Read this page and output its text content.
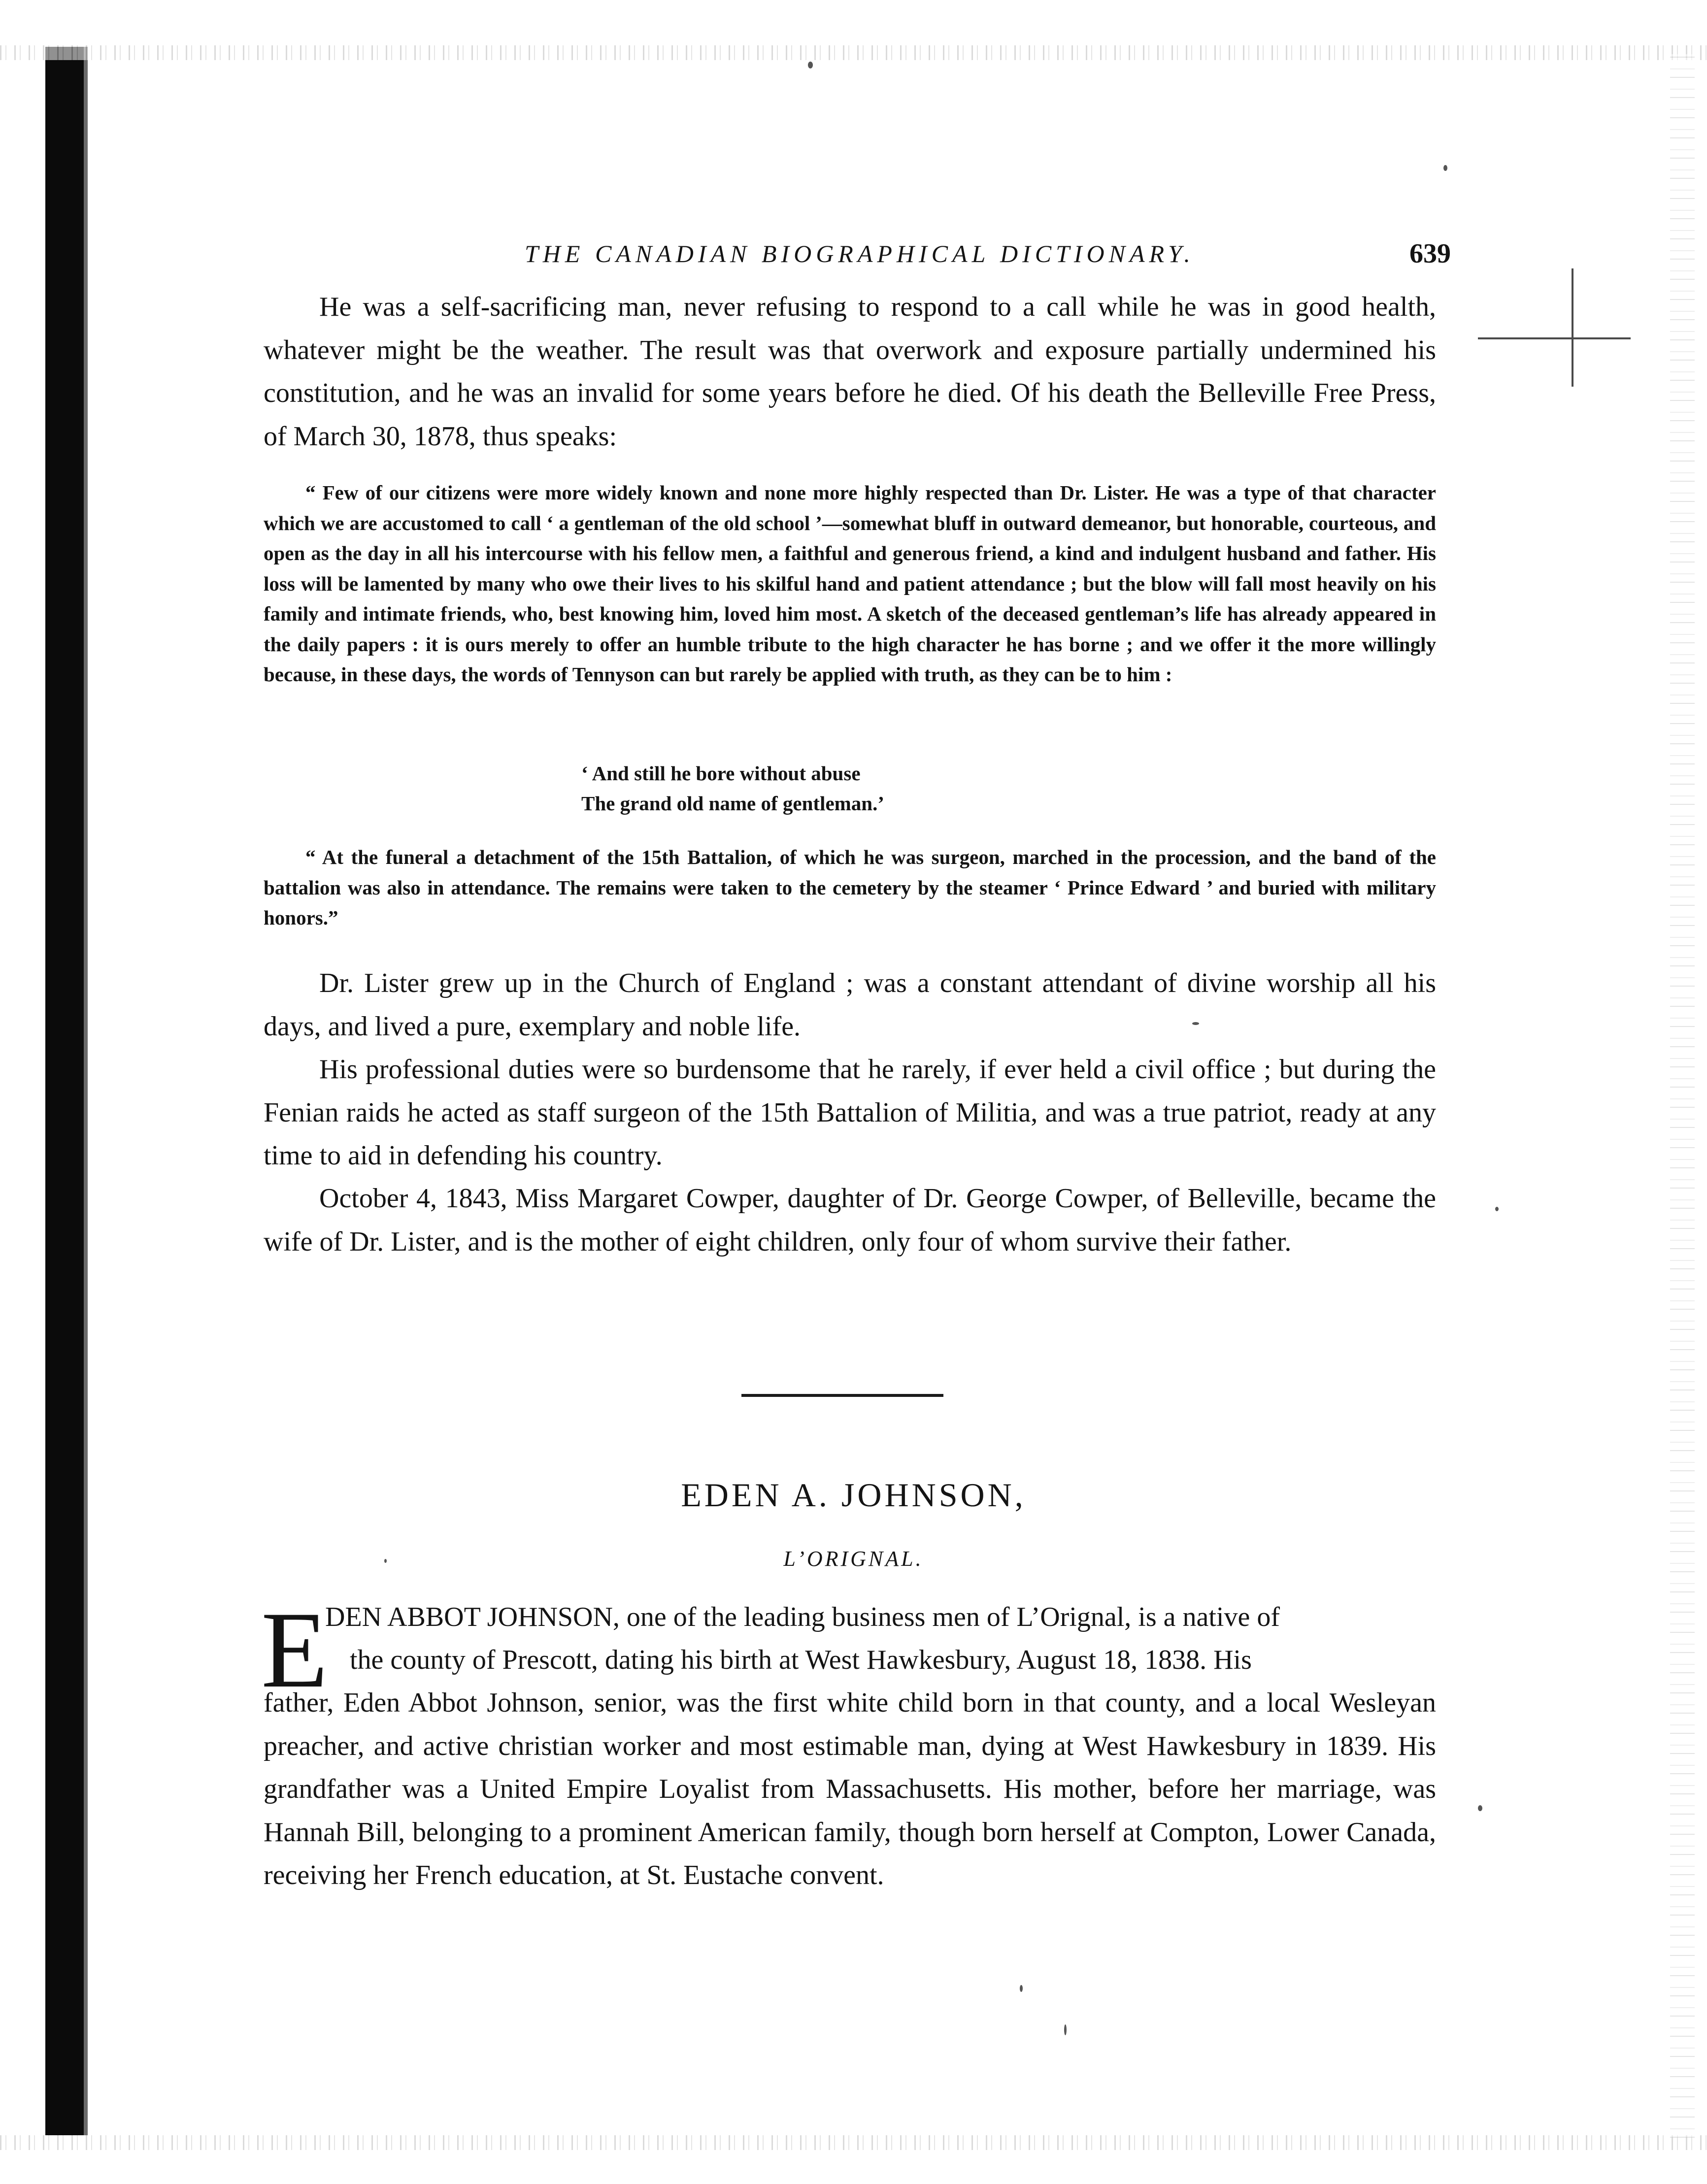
THE CANADIAN BIOGRAPHICAL DICTIONARY.	639

He was a self-sacrificing man, never refusing to respond to a call while he was in good health, whatever might be the weather. The result was that overwork and exposure partially undermined his constitution, and he was an invalid for some years before he died. Of his death the Belleville Free Press, of March 30, 1878, thus speaks:

“ Few of our citizens were more widely known and none more highly respected than Dr. Lister. He was a type of that character which we are accustomed to call ‘ a gentleman of the old school ’—somewhat bluff in outward demeanor, but honorable, courteous, and open as the day in all his intercourse with his fellow men, a faithful and generous friend, a kind and indulgent husband and father. His loss will be lamented by many who owe their lives to his skilful hand and patient attendance ; but the blow will fall most heavily on his family and intimate friends, who, best knowing him, loved him most. A sketch of the deceased gentleman’s life has already appeared in the daily papers : it is ours merely to offer an humble tribute to the high character he has borne ; and we offer it the more willingly because, in these days, the words of Tennyson can but rarely be applied with truth, as they can be to him :

‘ And still he bore without abuse

The grand old name of gentleman.’

“ At the funeral a detachment of the 15th Battalion, of which he was surgeon, marched in the procession, and the band of the battalion was also in attendance. The remains were taken to the cemetery by the steamer ‘ Prince Edward ’ and buried with military honors.”

Dr. Lister grew up in the Church of England ; was a constant attendant of divine worship all his days, and lived a pure, exemplary and noble life.

His professional duties were so burdensome that he rarely, if ever held a civil office ; but during the Fenian raids he acted as staff surgeon of the 15th Battalion of Militia, and was a true patriot, ready at any time to aid in defending his country.

October 4, 1843, Miss Margaret Cowper, daughter of Dr. George Cowper, of Belleville, became the wife of Dr. Lister, and is the mother of eight children, only four of whom survive their father.

EDEN A. JOHNSON,

L’ORIGNAL.

E

DEN ABBOT JOHNSON, one of the leading business men of L’Orignal, is a native of

the county of Prescott, dating his birth at West Hawkesbury, August 18, 1838. His

father, Eden Abbot Johnson, senior, was the first white child born in that county, and a local Wesleyan preacher, and active christian worker and most estimable man, dying at West Hawkesbury in 1839. His grandfather was a United Empire Loyalist from Massachusetts. His mother, before her marriage, was Hannah Bill, belonging to a prominent American family, though born herself at Compton, Lower Canada, receiving her French education, at St. Eustache convent.
